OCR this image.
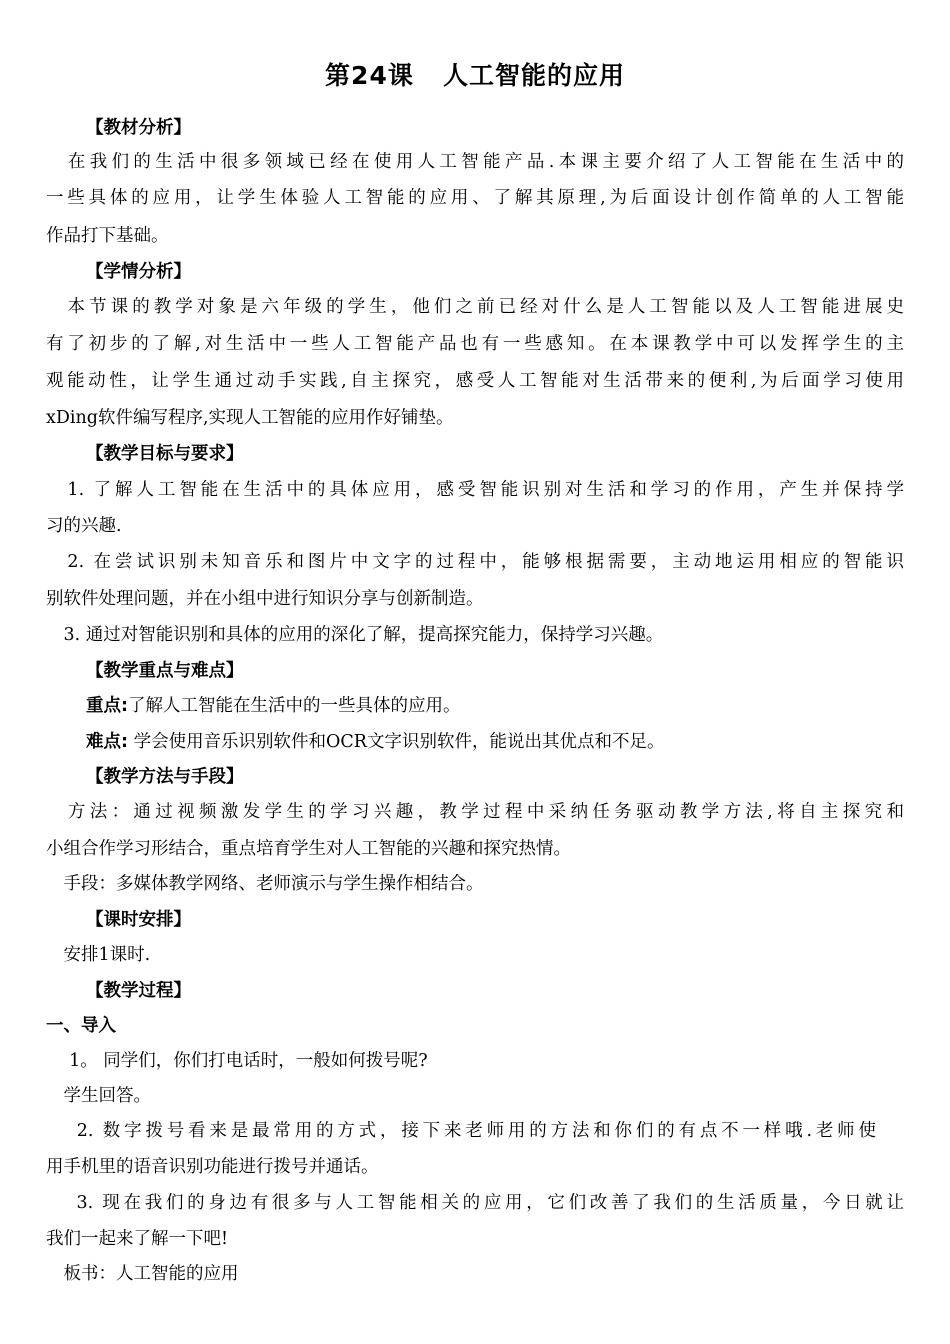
第24课   人工智能的应用
【教材分析】
　在我们的生活中很多领域已经在使用人工智能产品.本课主要介绍了人工智能在生活中的
一些具体的应用，让学生体验人工智能的应用、了解其原理,为后面设计创作简单的人工智能
作品打下基础。
【学情分析】
　本节课的教学对象是六年级的学生，他们之前已经对什么是人工智能以及人工智能进展史
有了初步的了解,对生活中一些人工智能产品也有一些感知。在本课教学中可以发挥学生的主
观能动性，让学生通过动手实践,自主探究，感受人工智能对生活带来的便利,为后面学习使用
xDing软件编写程序,实现人工智能的应用作好铺垫。
【教学目标与要求】
　1. 了解人工智能在生活中的具体应用，感受智能识别对生活和学习的作用，产生并保持学
习的兴趣.
　2. 在尝试识别未知音乐和图片中文字的过程中，能够根据需要，主动地运用相应的智能识
别软件处理问题，并在小组中进行知识分享与创新制造。
　3. 通过对智能识别和具体的应用的深化了解，提高探究能力，保持学习兴趣。
【教学重点与难点】
重点:了解人工智能在生活中的一些具体的应用。
难点: 学会使用音乐识别软件和OCR文字识别软件，能说出其优点和不足。
【教学方法与手段】
　方法：通过视频激发学生的学习兴趣，教学过程中采纳任务驱动教学方法,将自主探究和
小组合作学习形结合，重点培育学生对人工智能的兴趣和探究热情。
　手段：多媒体教学网络、老师演示与学生操作相结合。
【课时安排】
　安排1课时.
【教学过程】
一、导入
　 1。 同学们，你们打电话时，一般如何拨号呢?
　学生回答。
　 2. 数字拨号看来是最常用的方式，接下来老师用的方法和你们的有点不一样哦.老师使
用手机里的语音识别功能进行拨号并通话。
　 3. 现在我们的身边有很多与人工智能相关的应用，它们改善了我们的生活质量，今日就让
我们一起来了解一下吧!
　板书：人工智能的应用
